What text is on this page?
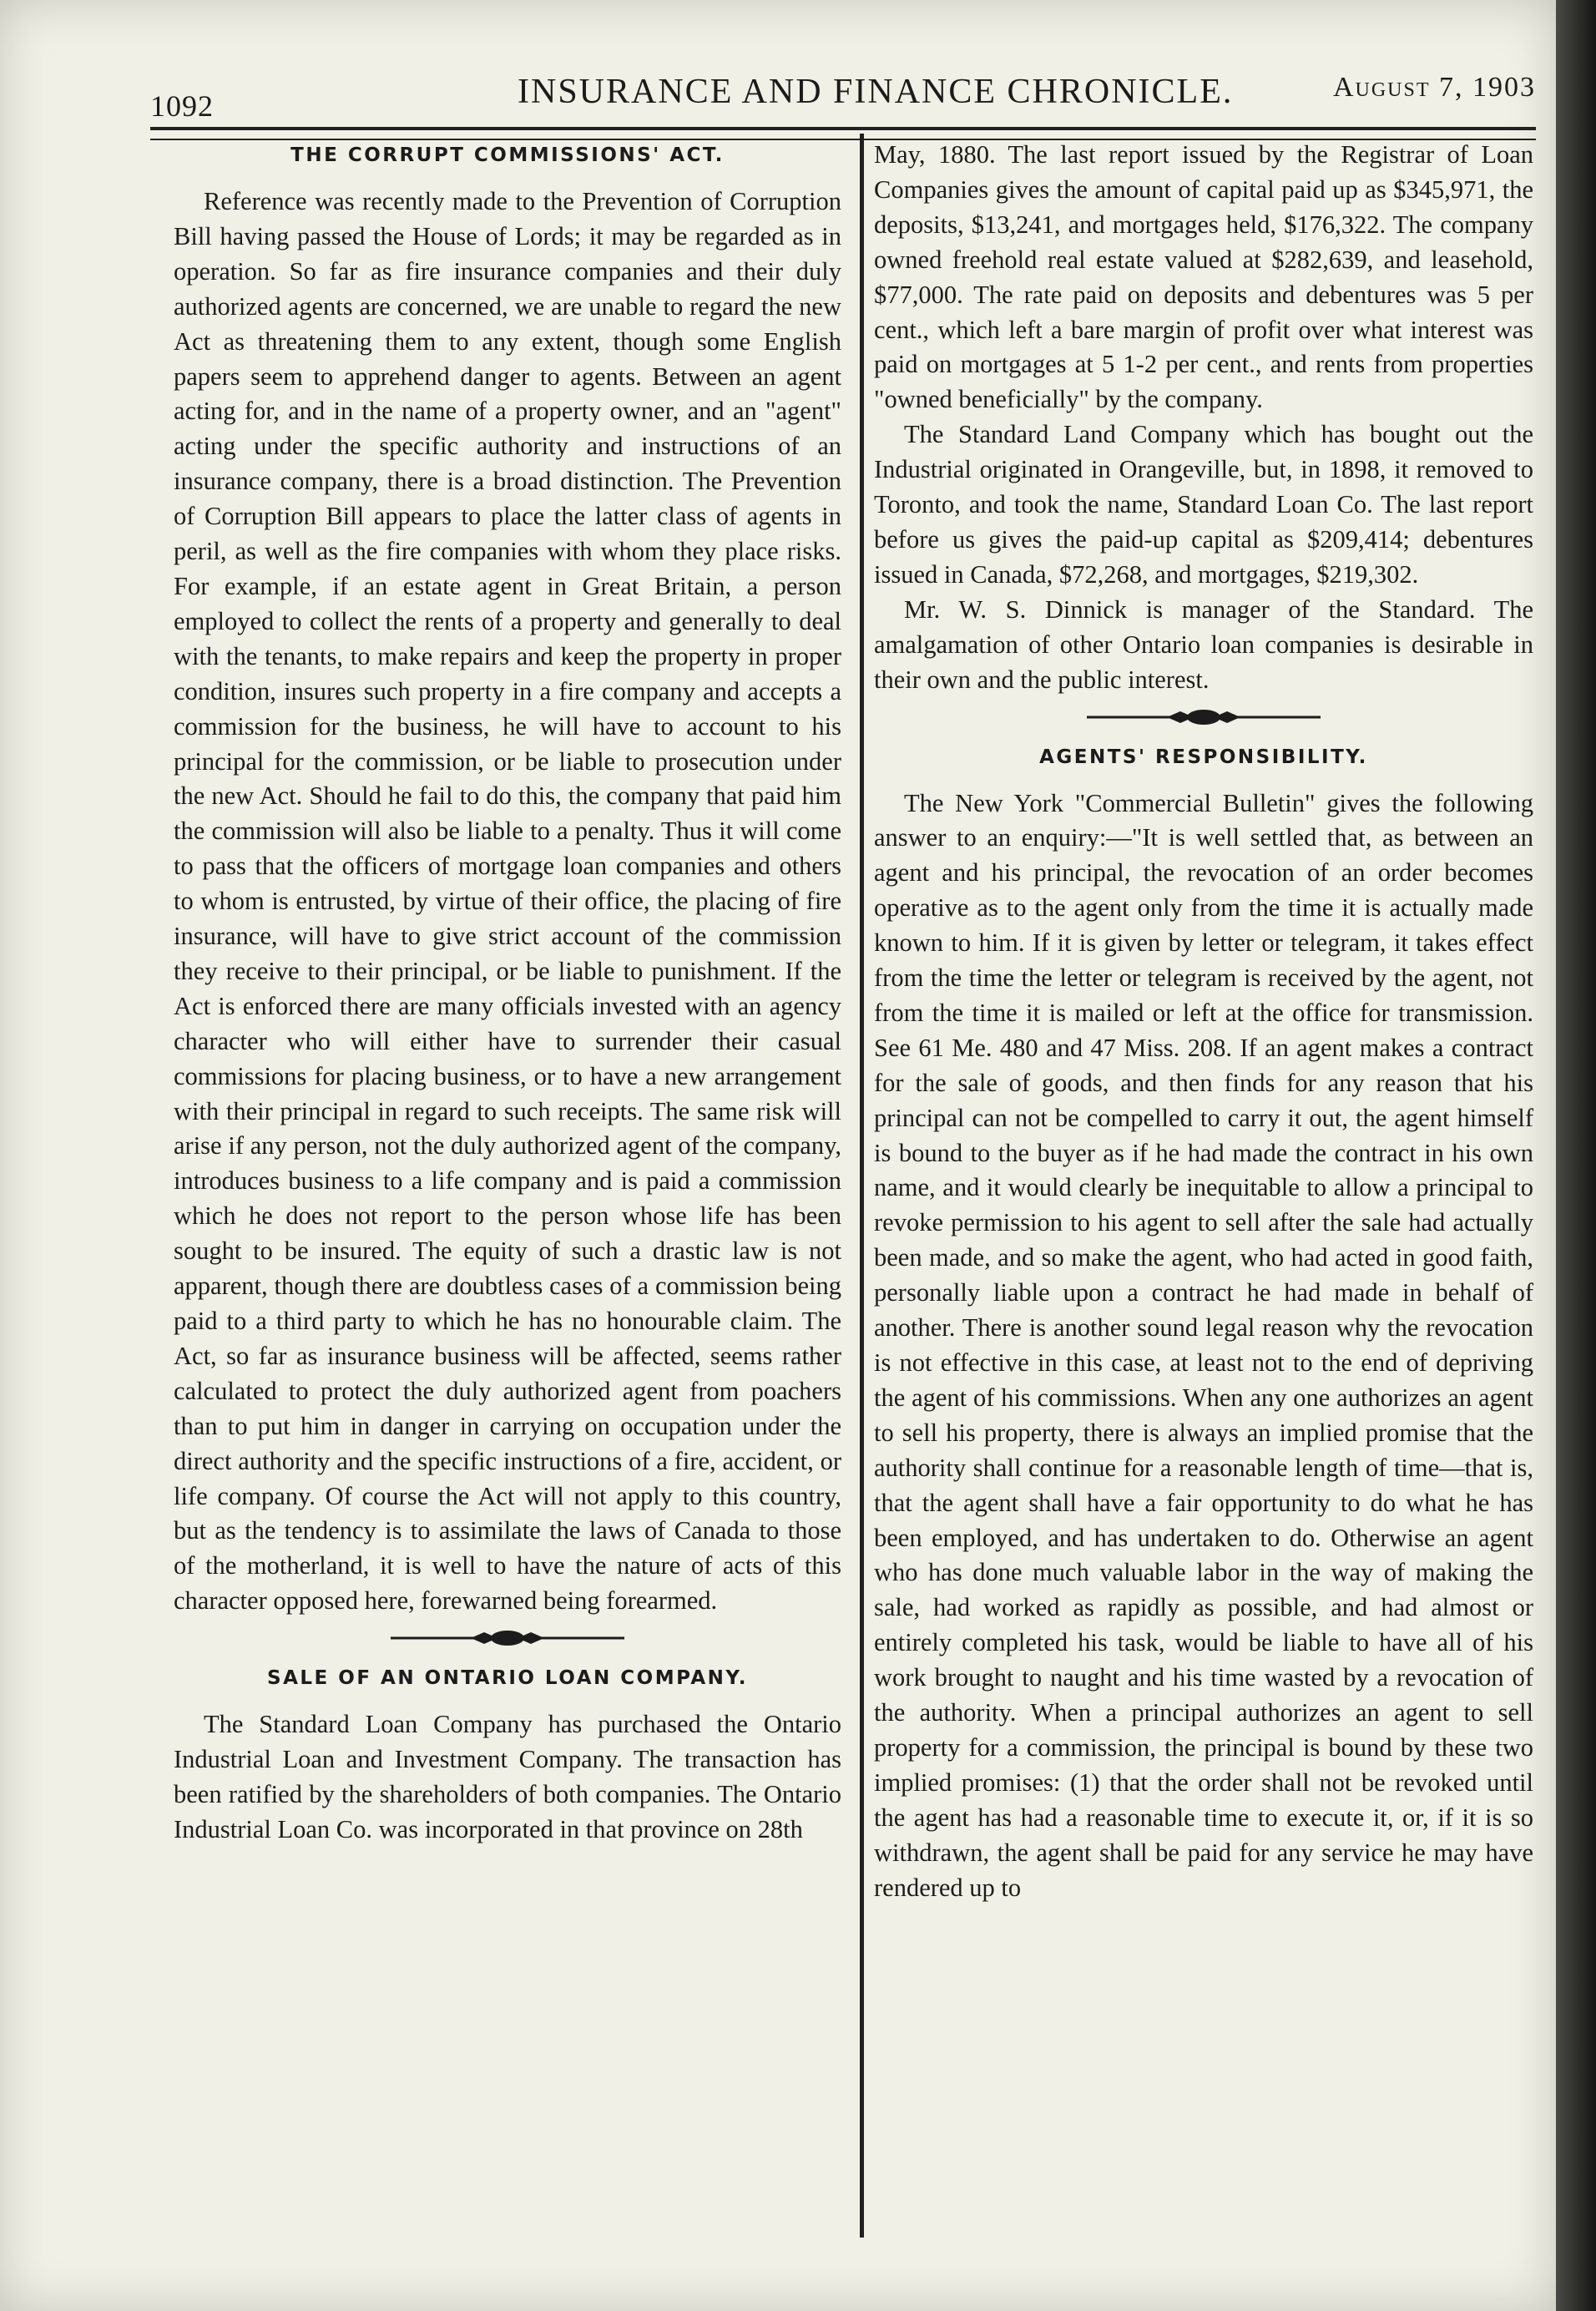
1092	INSURANCE AND FINANCE CHRONICLE.	August 7, 1903
THE CORRUPT COMMISSIONS' ACT.

Reference was recently made to the Prevention of Corruption Bill having passed the House of Lords; it may be regarded as in operation. So far as fire insurance companies and their duly authorized agents are concerned, we are unable to regard the new Act as threatening them to any extent, though some English papers seem to apprehend danger to agents. Between an agent acting for, and in the name of a property owner, and an "agent" acting under the specific authority and instructions of an insurance company, there is a broad distinction. The Prevention of Corruption Bill appears to place the latter class of agents in peril, as well as the fire companies with whom they place risks. For example, if an estate agent in Great Britain, a person employed to collect the rents of a property and generally to deal with the tenants, to make repairs and keep the property in proper condition, insures such property in a fire company and accepts a commission for the business, he will have to account to his principal for the commission, or be liable to prosecution under the new Act. Should he fail to do this, the company that paid him the commission will also be liable to a penalty. Thus it will come to pass that the officers of mortgage loan companies and others to whom is entrusted, by virtue of their office, the placing of fire insurance, will have to give strict account of the commission they receive to their principal, or be liable to punishment. If the Act is enforced there are many officials invested with an agency character who will either have to surrender their casual commissions for placing business, or to have a new arrangement with their principal in regard to such receipts. The same risk will arise if any person, not the duly authorized agent of the company, introduces business to a life company and is paid a commission which he does not report to the person whose life has been sought to be insured. The equity of such a drastic law is not apparent, though there are doubtless cases of a commission being paid to a third party to which he has no honourable claim. The Act, so far as insurance business will be affected, seems rather calculated to protect the duly authorized agent from poachers than to put him in danger in carrying on occupation under the direct authority and the specific instructions of a fire, accident, or life company. Of course the Act will not apply to this country, but as the tendency is to assimilate the laws of Canada to those of the motherland, it is well to have the nature of acts of this character opposed here, forewarned being forearmed.

SALE OF AN ONTARIO LOAN COMPANY.

The Standard Loan Company has purchased the Ontario Industrial Loan and Investment Company. The transaction has been ratified by the shareholders of both companies. The Ontario Industrial Loan Co. was incorporated in that province on 28th

May, 1880. The last report issued by the Registrar of Loan Companies gives the amount of capital paid up as $345,971, the deposits, $13,241, and mortgages held, $176,322. The company owned freehold real estate valued at $282,639, and leasehold, $77,000. The rate paid on deposits and debentures was 5 per cent., which left a bare margin of profit over what interest was paid on mortgages at 5 1-2 per cent., and rents from properties "owned beneficially" by the company.

The Standard Land Company which has bought out the Industrial originated in Orangeville, but, in 1898, it removed to Toronto, and took the name, Standard Loan Co. The last report before us gives the paid-up capital as $209,414; debentures issued in Canada, $72,268, and mortgages, $219,302.

Mr. W. S. Dinnick is manager of the Standard. The amalgamation of other Ontario loan companies is desirable in their own and the public interest.

AGENTS' RESPONSIBILITY.

The New York "Commercial Bulletin" gives the following answer to an enquiry:—"It is well settled that, as between an agent and his principal, the revocation of an order becomes operative as to the agent only from the time it is actually made known to him. If it is given by letter or telegram, it takes effect from the time the letter or telegram is received by the agent, not from the time it is mailed or left at the office for transmission. See 61 Me. 480 and 47 Miss. 208. If an agent makes a contract for the sale of goods, and then finds for any reason that his principal can not be compelled to carry it out, the agent himself is bound to the buyer as if he had made the contract in his own name, and it would clearly be inequitable to allow a principal to revoke permission to his agent to sell after the sale had actually been made, and so make the agent, who had acted in good faith, personally liable upon a contract he had made in behalf of another. There is another sound legal reason why the revocation is not effective in this case, at least not to the end of depriving the agent of his commissions. When any one authorizes an agent to sell his property, there is always an implied promise that the authority shall continue for a reasonable length of time—that is, that the agent shall have a fair opportunity to do what he has been employed, and has undertaken to do. Otherwise an agent who has done much valuable labor in the way of making the sale, had worked as rapidly as possible, and had almost or entirely completed his task, would be liable to have all of his work brought to naught and his time wasted by a revocation of the authority. When a principal authorizes an agent to sell property for a commission, the principal is bound by these two implied promises: (1) that the order shall not be revoked until the agent has had a reasonable time to execute it, or, if it is so withdrawn, the agent shall be paid for any service he may have rendered up to
